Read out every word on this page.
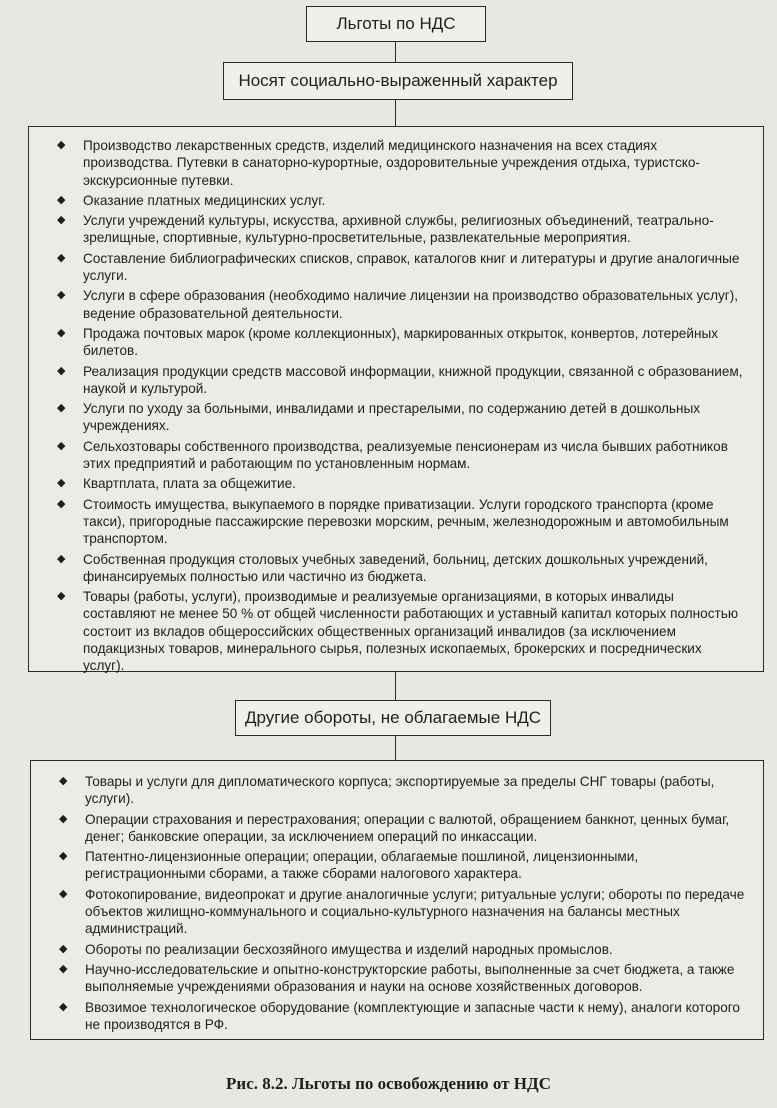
Льготы по НДС
Носят социально-выраженный характер
◆ Производство лекарственных средств, изделий медицинского назначения на всех стадиях производства. Путевки в санаторно-курортные, оздоровительные учреждения отдыха, туристско-экскурсионные путевки.
◆ Оказание платных медицинских услуг.
◆ Услуги учреждений культуры, искусства, архивной службы, религиозных объединений, театрально-зрелищные, спортивные, культурно-просветительные, развлекательные мероприятия.
◆ Составление библиографических списков, справок, каталогов книг и литературы и другие аналогичные услуги.
◆ Услуги в сфере образования (необходимо наличие лицензии на производство образовательных услуг), ведение образовательной деятельности.
◆ Продажа почтовых марок (кроме коллекционных), маркированных открыток, конвертов, лотерейных билетов.
◆ Реализация продукции средств массовой информации, книжной продукции, связанной с образованием, наукой и культурой.
◆ Услуги по уходу за больными, инвалидами и престарелыми, по содержанию детей в дошкольных учреждениях.
◆ Сельхозтовары собственного производства, реализуемые пенсионерам из числа бывших работников этих предприятий и работающим по установленным нормам.
◆ Квартплата, плата за общежитие.
◆ Стоимость имущества, выкупаемого в порядке приватизации. Услуги городского транспорта (кроме такси), пригородные пассажирские перевозки морским, речным, железнодорожным и автомобильным транспортом.
◆ Собственная продукция столовых учебных заведений, больниц, детских дошкольных учреждений, финансируемых полностью или частично из бюджета.
◆ Товары (работы, услуги), производимые и реализуемые организациями, в которых инвалиды составляют не менее 50 % от общей численности работающих и уставный капитал которых полностью состоит из вкладов общероссийских общественных организаций инвалидов (за исключением подакцизных товаров, минерального сырья, полезных ископаемых, брокерских и посреднических услуг).
Другие обороты, не облагаемые НДС
◆ Товары и услуги для дипломатического корпуса; экспортируемые за пределы СНГ товары (работы, услуги).
◆ Операции страхования и перестрахования; операции с валютой, обращением банкнот, ценных бумаг, денег; банковские операции, за исключением операций по инкассации.
◆ Патентно-лицензионные операции; операции, облагаемые пошлиной, лицензионными, регистрационными сборами, а также сборами налогового характера.
◆ Фотокопирование, видеопрокат и другие аналогичные услуги; ритуальные услуги; обороты по передаче объектов жилищно-коммунального и социально-культурного назначения на балансы местных администраций.
◆ Обороты по реализации бесхозяйного имущества и изделий народных промыслов.
◆ Научно-исследовательские и опытно-конструкторские работы, выполненные за счет бюджета, а также выполняемые учреждениями образования и науки на основе хозяйственных договоров.
◆ Ввозимое технологическое оборудование (комплектующие и запасные части к нему), аналоги которого не производятся в РФ.
Рис. 8.2. Льготы по освобождению от НДС
